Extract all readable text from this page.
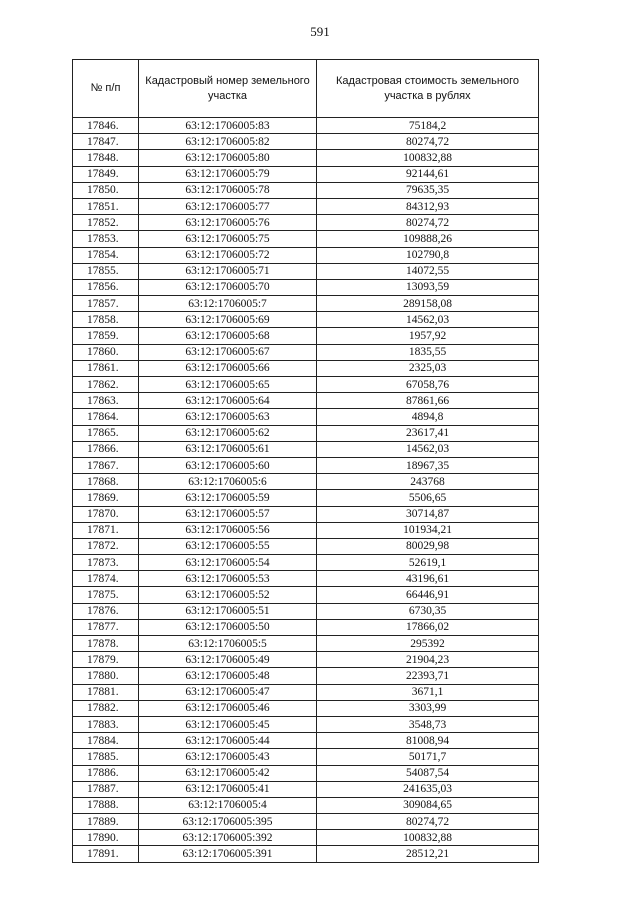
591
№ п/п	Кадастровый номер земельного участка	Кадастровая стоимость земельного участка в рублях
17846.	63:12:1706005:83	75184,2
17847.	63:12:1706005:82	80274,72
17848.	63:12:1706005:80	100832,88
17849.	63:12:1706005:79	92144,61
17850.	63:12:1706005:78	79635,35
17851.	63:12:1706005:77	84312,93
17852.	63:12:1706005:76	80274,72
17853.	63:12:1706005:75	109888,26
17854.	63:12:1706005:72	102790,8
17855.	63:12:1706005:71	14072,55
17856.	63:12:1706005:70	13093,59
17857.	63:12:1706005:7	289158,08
17858.	63:12:1706005:69	14562,03
17859.	63:12:1706005:68	1957,92
17860.	63:12:1706005:67	1835,55
17861.	63:12:1706005:66	2325,03
17862.	63:12:1706005:65	67058,76
17863.	63:12:1706005:64	87861,66
17864.	63:12:1706005:63	4894,8
17865.	63:12:1706005:62	23617,41
17866.	63:12:1706005:61	14562,03
17867.	63:12:1706005:60	18967,35
17868.	63:12:1706005:6	243768
17869.	63:12:1706005:59	5506,65
17870.	63:12:1706005:57	30714,87
17871.	63:12:1706005:56	101934,21
17872.	63:12:1706005:55	80029,98
17873.	63:12:1706005:54	52619,1
17874.	63:12:1706005:53	43196,61
17875.	63:12:1706005:52	66446,91
17876.	63:12:1706005:51	6730,35
17877.	63:12:1706005:50	17866,02
17878.	63:12:1706005:5	295392
17879.	63:12:1706005:49	21904,23
17880.	63:12:1706005:48	22393,71
17881.	63:12:1706005:47	3671,1
17882.	63:12:1706005:46	3303,99
17883.	63:12:1706005:45	3548,73
17884.	63:12:1706005:44	81008,94
17885.	63:12:1706005:43	50171,7
17886.	63:12:1706005:42	54087,54
17887.	63:12:1706005:41	241635,03
17888.	63:12:1706005:4	309084,65
17889.	63:12:1706005:395	80274,72
17890.	63:12:1706005:392	100832,88
17891.	63:12:1706005:391	28512,21
